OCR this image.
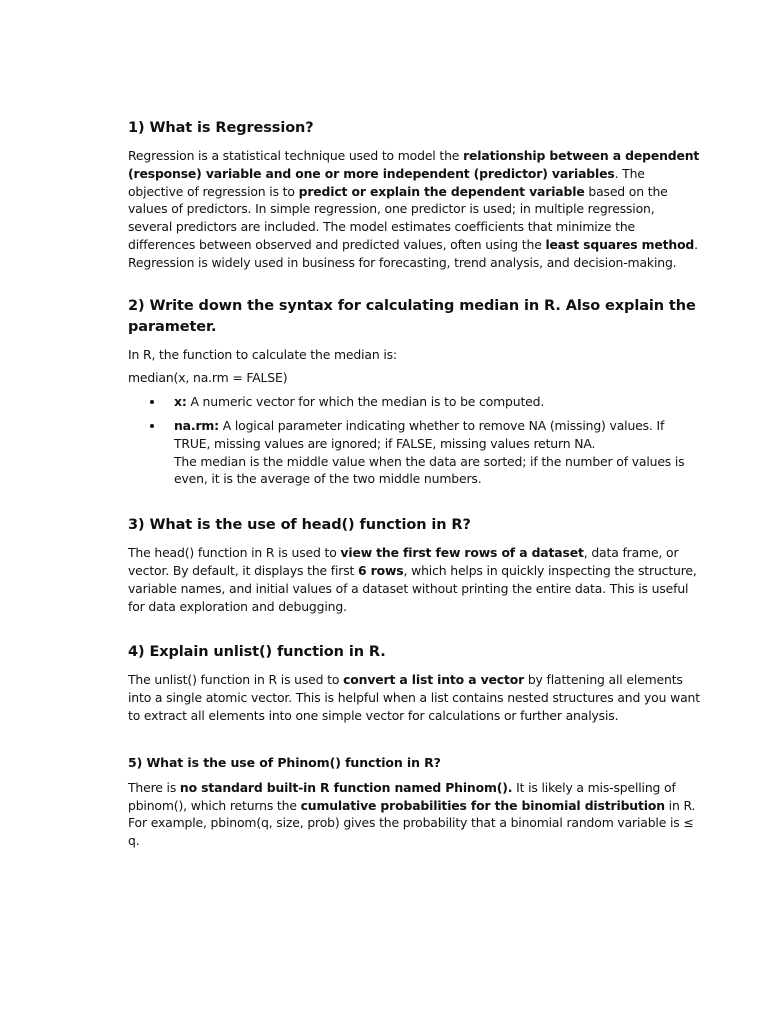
1) What is Regression?

Regression is a statistical technique used to model the relationship between a dependent (response) variable and one or more independent (predictor) variables. The objective of regression is to predict or explain the dependent variable based on the values of predictors. In simple regression, one predictor is used; in multiple regression, several predictors are included. The model estimates coefficients that minimize the differences between observed and predicted values, often using the least squares method. Regression is widely used in business for forecasting, trend analysis, and decision-making.

2) Write down the syntax for calculating median in R. Also explain the parameter.

In R, the function to calculate the median is:

median(x, na.rm = FALSE)

x: A numeric vector for which the median is to be computed.
na.rm: A logical parameter indicating whether to remove NA (missing) values. If TRUE, missing values are ignored; if FALSE, missing values return NA.
The median is the middle value when the data are sorted; if the number of values is even, it is the average of the two middle numbers.
3) What is the use of head() function in R?

The head() function in R is used to view the first few rows of a dataset, data frame, or vector. By default, it displays the first 6 rows, which helps in quickly inspecting the structure, variable names, and initial values of a dataset without printing the entire data. This is useful for data exploration and debugging.

4) Explain unlist() function in R.

The unlist() function in R is used to convert a list into a vector by flattening all elements into a single atomic vector. This is helpful when a list contains nested structures and you want to extract all elements into one simple vector for calculations or further analysis.

5) What is the use of Phinom() function in R?

There is no standard built-in R function named Phinom(). It is likely a mis-spelling of pbinom(), which returns the cumulative probabilities for the binomial distribution in R. For example, pbinom(q, size, prob) gives the probability that a binomial random variable is ≤ q.
